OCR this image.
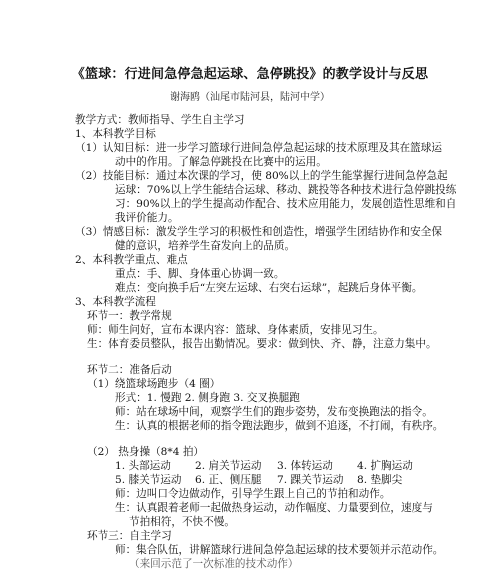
《篮球：行进间急停急起运球、急停跳投》的教学设计与反思
谢海鸥（汕尾市陆河县，陆河中学）
教学方式：教师指导、学生自主学习
1、本科教学目标
（1）认知目标：进一步学习篮球行进间急停急起运球的技术原理及其在篮球运
动中的作用。了解急停跳投在比赛中的运用。
（2）技能目标：通过本次课的学习，使 80%以上的学生能掌握行进间急停急起
运球：70%以上学生能结合运球、移动、跳投等各种技术进行急停跳投练
习：90%以上的学生提高动作配合、技术应用能力，发展创造性思维和自
我评价能力。
（3）情感目标：激发学生学习的积极性和创造性，增强学生团结协作和安全保
健的意识，培养学生奋发向上的品质。
2、本科教学重点、难点
重点：手、脚、身体重心协调一致。
难点：变向换手后“左突左运球、右突右运球”，起跳后身体平衡。
3、本科教学流程
环节一：教学常规
师：师生问好，宣布本课内容：篮球、身体素质，安排见习生。
生：体育委员整队，报告出勤情况。要求：做到快、齐、静，注意力集中。
环节二：准备后动
（1）绕篮球场跑步（4 圈）
形式：1. 慢跑 2. 侧身跑 3. 交叉换腿跑
师：站在球场中间，观察学生们的跑步姿势，发布变换跑法的指令。
生：认真的根据老师的指令跑法跑步，做到不追逐，不打闹，有秩序。
（2） 热身操（8*4 拍）
1. 头部运动 2. 肩关节运动 3. 体转运动 4. 扩胸运动
5. 膝关节运动 6. 正、侧压腿 7. 踝关节运动 8. 垫脚尖
师：边叫口令边做动作，引导学生跟上自己的节拍和动作。
生：认真跟着老师一起做热身运动，动作幅度、力量要到位，速度与
节拍相符，不快不慢。
环节三：自主学习
师：集合队伍，讲解篮球行进间急停急起运球的技术要领并示范动作。
（来回示范了一次标准的技术动作）
